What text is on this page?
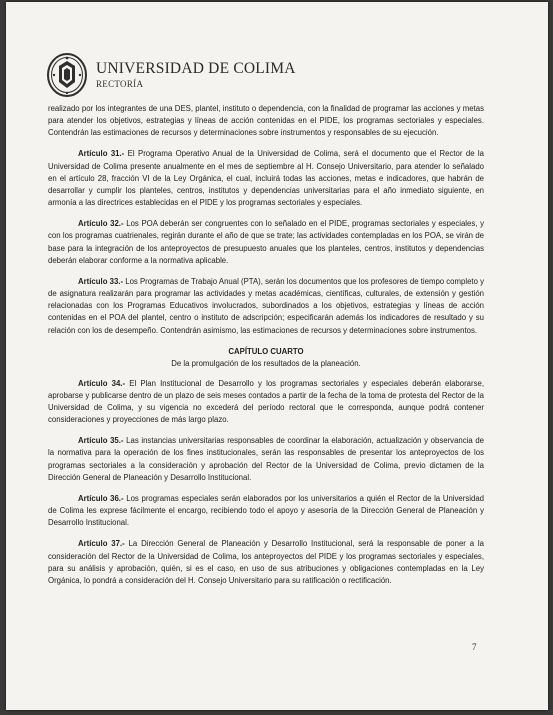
UNIVERSIDAD DE COLIMA
RECTORÍA

realizado por los integrantes de una DES, plantel, instituto o dependencia, con la finalidad de programar las acciones y metas para atender los objetivos, estrategias y líneas de acción contenidas en el PIDE, los programas sectoriales y especiales. Contendrán las estimaciones de recursos y determinaciones sobre instrumentos y responsables de su ejecución.

Artículo 31.- El Programa Operativo Anual de la Universidad de Colima, será el documento que el Rector de la Universidad de Colima presente anualmente en el mes de septiembre al H. Consejo Universitario, para atender lo señalado en el artículo 28, fracción VI de la Ley Orgánica, el cual, incluirá todas las acciones, metas e indicadores, que habrán de desarrollar y cumplir los planteles, centros, institutos y dependencias universitarias para el año inmediato siguiente, en armonía a las directrices establecidas en el PIDE y los programas sectoriales y especiales.

Artículo 32.- Los POA deberán ser congruentes con lo señalado en el PIDE, programas sectoriales y especiales, y con los programas cuatrienales, regirán durante el año de que se trate; las actividades contempladas en los POA, se virán de base para la integración de los anteproyectos de presupuesto anuales que los planteles, centros, institutos y dependencias deberán elaborar conforme a la normativa aplicable.

Artículo 33.- Los Programas de Trabajo Anual (PTA), serán los documentos que los profesores de tiempo completo y de asignatura realizarán para programar las actividades y metas académicas, científicas, culturales, de extensión y gestión relacionadas con los Programas Educativos involucrados, subordinados a los objetivos, estrategias y líneas de acción contenidas en el POA del plantel, centro o instituto de adscripción; especificarán además los indicadores de resultado y su relación con los de desempeño. Contendrán asimismo, las estimaciones de recursos y determinaciones sobre instrumentos.

CAPÍTULO CUARTO
De la promulgación de los resultados de la planeación.

Artículo 34.- El Plan Institucional de Desarrollo y los programas sectoriales y especiales deberán elaborarse, aprobarse y publicarse dentro de un plazo de seis meses contados a partir de la fecha de la toma de protesta del Rector de la Universidad de Colima, y su vigencia no excederá del período rectoral que le corresponda, aunque podrá contener consideraciones y proyecciones de más largo plazo.

Artículo 35.- Las instancias universitarias responsables de coordinar la elaboración, actualización y observancia de la normativa para la operación de los fines institucionales, serán las responsables de presentar los anteproyectos de los programas sectoriales a la consideración y aprobación del Rector de la Universidad de Colima, previo dictamen de la Dirección General de Planeación y Desarrollo Institucional.

Artículo 36.- Los programas especiales serán elaborados por los universitarios a quién el Rector de la Universidad de Colima les exprese fácilmente el encargo, recibiendo todo el apoyo y asesoría de la Dirección General de Planeación y Desarrollo Institucional.

Artículo 37.- La Dirección General de Planeación y Desarrollo Institucional, será la responsable de poner a la consideración del Rector de la Universidad de Colima, los anteproyectos del PIDE y los programas sectoriales y especiales, para su análisis y aprobación, quién, si es el caso, en uso de sus atribuciones y obligaciones contempladas en la Ley Orgánica, lo pondrá a consideración del H. Consejo Universitario para su ratificación o rectificación.

7
